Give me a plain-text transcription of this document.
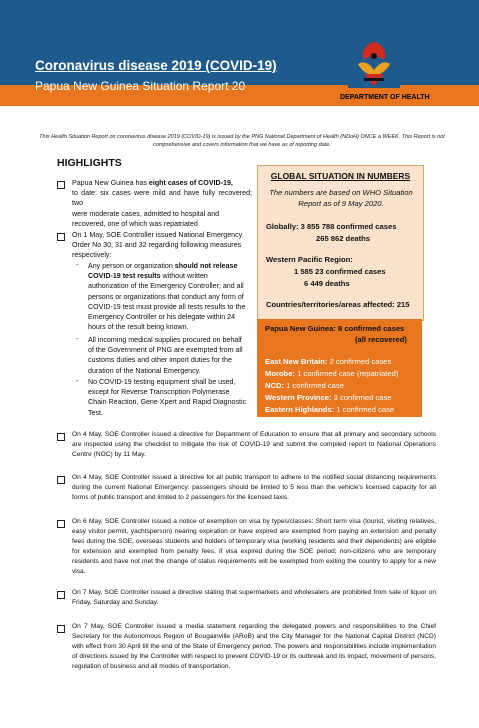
Coronavirus disease 2019 (COVID-19)
Papua New Guinea Situation Report 20
10 May 2020
DEPARTMENT OF HEALTH
This Health Situation Report on coronavirus disease 2019 (COVID-19) is issued by the PNG National Department of Health (NDoH) ONCE a WEEK. This Report is not comprehensive and covers information that we have as of reporting date.
HIGHLIGHTS
Papua New Guinea has eight cases of COVID-19,
to date: six cases were mild and have fully recovered; two
were moderate cases, admitted to hospital and
recovered, one of which was repatriated
On 1 May, SOE Controller issued National Emergency
Order No 30, 31 and 32 regarding following measures
respectively:
- Any person or organization should not release
COVID-19 test results without written
authorization of the Emergency Controller; and all
persons or organizations that conduct any form of
COVID-19 test must provide all tests results to the
Emergency Controller or his delegate within 24
hours of the result being known.
- All incoming medical supplies procured on behalf
of the Government of PNG are exempted from all
customs duties and other import duties for the
duration of the National Emergency.
- No COVID-19 testing equipment shall be used,
except for Reverse Transcription Polymerase
Chain Reaction, Gene Xpert and Rapid Diagnostic
Test.
GLOBAL SITUATION IN NUMBERS
The numbers are based on WHO Situation Report as of 9 May 2020.
Globally: 3 855 788 confirmed cases
265 862 deaths
Western Pacific Region:
1 585 23 confirmed cases
6 449 deaths
Countries/territories/areas affected: 215
Papua New Guinea: 8 confirmed cases
(all recovered)
East New Britain: 2 confirmed cases
Morobe: 1 confirmed case (repatriated)
NCD: 1 confirmed case
Western Province: 3 confirmed case
Eastern Highlands: 1 confirmed case
On 4 May, SOE Controller issued a directive for Department of Education to ensure that all primary and secondary schools are inspected using the checklist to mitigate the risk of COVID-19 and submit the compiled report to National Operations Centre (NOC) by 11 May.
On 4 May, SOE Controller issued a directive for all public transport to adhere to the notified social distancing requirements during the current National Emergency: passengers should be limited to 5 less than the vehicle's licensed capacity for all forms of public transport and limited to 2 passengers for the licensed taxis.
On 6 May, SOE Controller issued a notice of exemption on visa by types/classes: Short term visa (tourist, visiting relatives, easy visitor permit, yachtsperson) nearing expiration or have expired are exempted from paying an extension and penalty fees during the SOE; overseas students and holders of temporary visa (working residents and their dependents) are eligible for extension and exempted from penalty fees, if visa expired during the SOE period; non-citizens who are temporary residents and have not met the change of status requirements will be exempted from exiting the country to apply for a new visa.
On 7 May, SOE Controller issued a directive stating that supermarkets and wholesalers are prohibited from sale of liquor on Friday, Saturday and Sunday.
On 7 May, SOE Controller issued a media statement regarding the delegated powers and responsibilities to the Chief Secretary for the Autonomous Region of Bougainville (ARoB) and the City Manager for the National Capital District (NCD) with effect from 30 April till the end of the State of Emergency period. The powers and responsibilities include implementation of directions issued by the Controller with respect to prevent COVID-19 or its outbreak and its impact, movement of persons, regulation of business and all modes of transportation.
